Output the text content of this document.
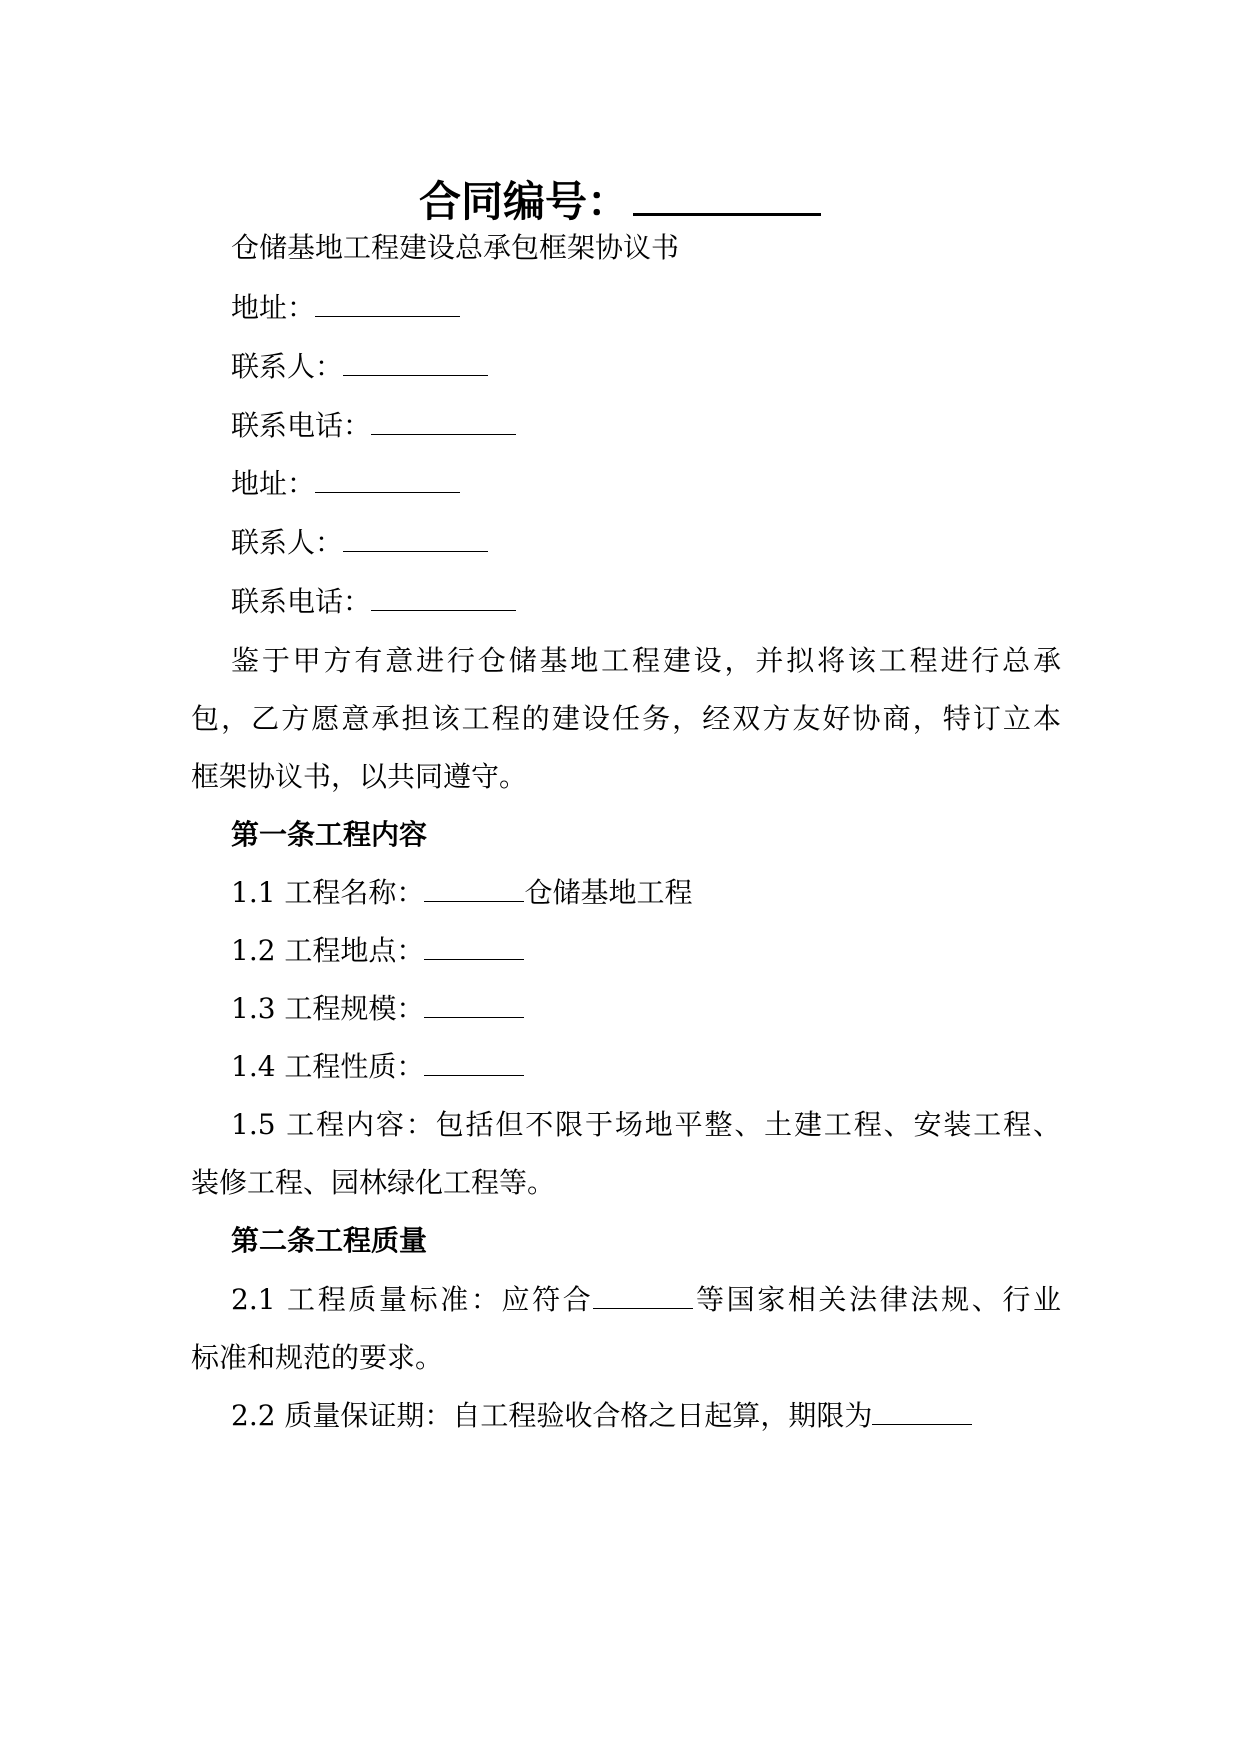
合同编号：
仓储基地工程建设总承包框架协议书
地址：
联系人：
联系电话：
地址：
联系人：
联系电话：
鉴于甲方有意进行仓储基地工程建设，并拟将该工程进行总承
包，乙方愿意承担该工程的建设任务，经双方友好协商，特订立本
框架协议书，以共同遵守。
第一条工程内容
1.1 工程名称：	仓储基地工程
1.2 工程地点：
1.3 工程规模：
1.4 工程性质：
1.5 工程内容：包括但不限于场地平整、土建工程、安装工程、
装修工程、园林绿化工程等。
第二条工程质量
2.1 工程质量标准：应符合	等国家相关法律法规、行业
标准和规范的要求。
2.2 质量保证期：自工程验收合格之日起算，期限为
